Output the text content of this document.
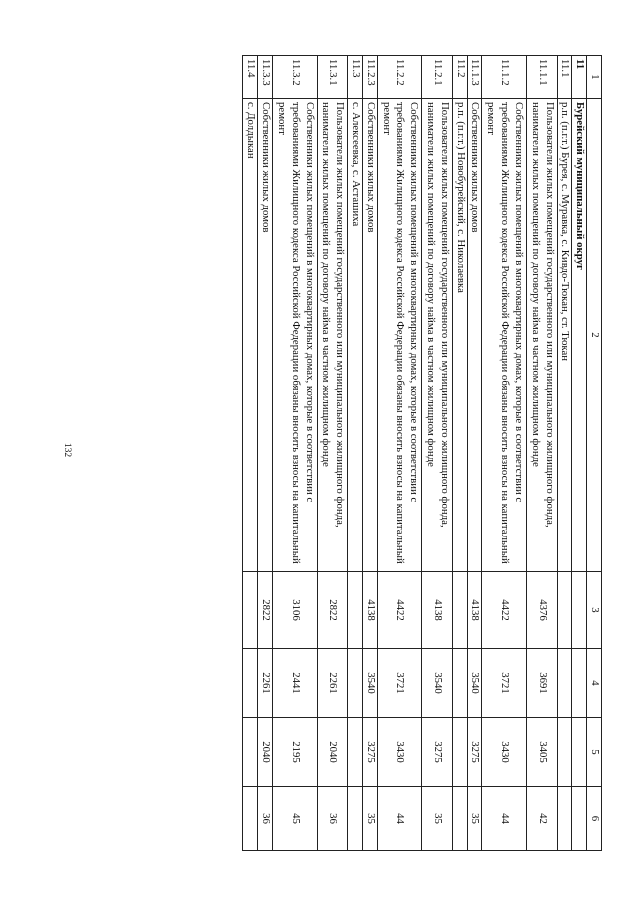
132
1	2	3	4	5	6
11	Бурейский муниципальный округ				
11.1	р.п. (п.г.т.) Бурея, с. Муравка, с. Кивдо-Тюкан, ст. Тюкан				
11.1.1	Пользователи жилых помещений государственного или муниципального жилищного фонда, наниматели жилых помещений по договору найма в частном жилищном фонде	4376	3691	3405	42
11.1.2	Собственники жилых помещений в многоквартирных домах, которые в соответствии с требованиями Жилищного кодекса Российской Федерации обязаны вносить взносы на капитальный ремонт	4422	3721	3430	44
11.1.3	Собственники жилых домов	4138	3540	3275	35
11.2	р.п. (п.г.т.) Новобурейский, с. Николаевка				
11.2.1	Пользователи жилых помещений государственного или муниципального жилищного фонда, наниматели жилых помещений по договору найма в частном жилищном фонде	4138	3540	3275	35
11.2.2	Собственники жилых помещений в многоквартирных домах, которые в соответствии с требованиями Жилищного кодекса Российской Федерации обязаны вносить взносы на капитальный ремонт	4422	3721	3430	44
11.2.3	Собственники жилых домов	4138	3540	3275	35
11.3	с. Алексеевка, с. Асташиха				
11.3.1	Пользователи жилых помещений государственного или муниципального жилищного фонда, наниматели жилых помещений по договору найма в частном жилищном фонде	2822	2261	2040	36
11.3.2	Собственники жилых помещений в многоквартирных домах, которые в соответствии с требованиями Жилищного кодекса Российской Федерации обязаны вносить взносы на капитальный ремонт	3106	2441	2195	45
11.3.3	Собственники жилых домов	2822	2261	2040	36
11.4	с. Долдыкан				
